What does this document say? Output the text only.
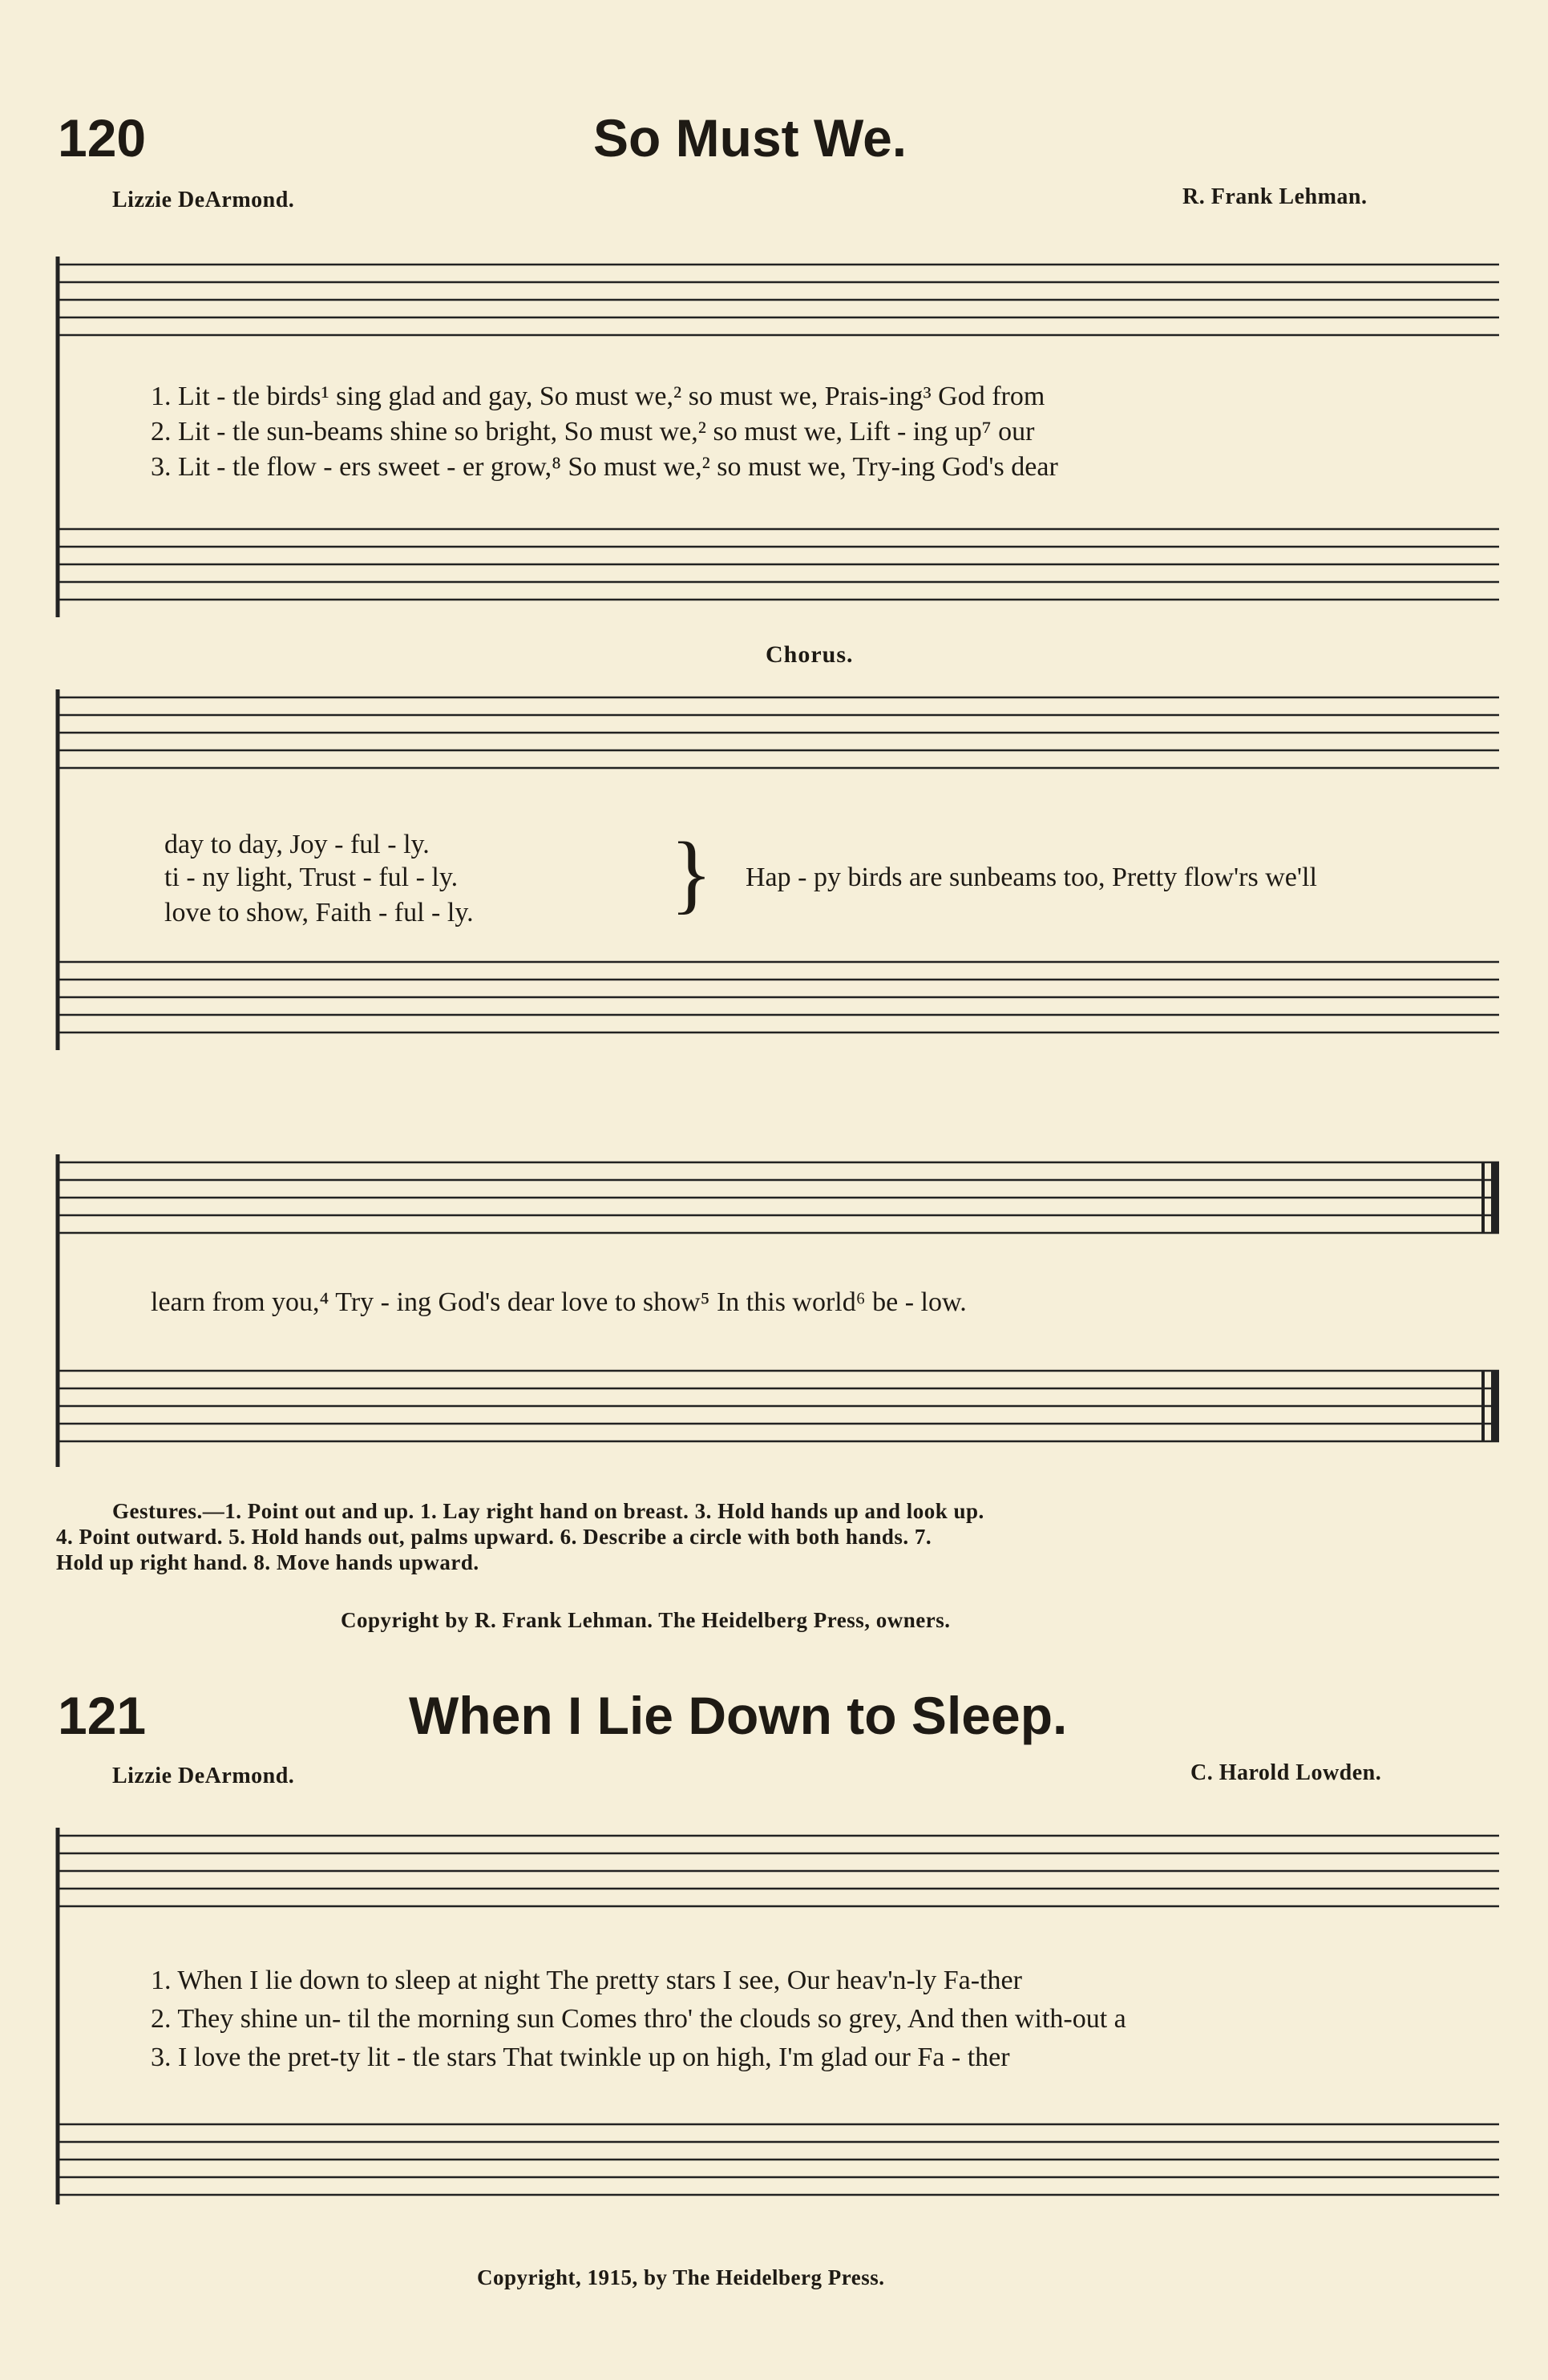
120	So Must We.
Lizzie DeArmond.	R. Frank Lehman.
1. Lit - tle birds¹ sing glad and gay, So must we,² so must we, Prais-ing³ God from
2. Lit - tle sun-beams shine so bright, So must we,² so must we, Lift - ing up⁷ our
3. Lit - tle flow - ers sweet - er grow,⁸ So must we,² so must we, Try-ing God's dear
Chorus.
day to day, Joy - ful - ly.
ti - ny light, Trust - ful - ly.
love to show, Faith - ful - ly. } Hap - py birds are sunbeams too, Pretty flow'rs we'll
learn from you,⁴ Try - ing God's dear love to show⁵ In this world⁶ be - low.
Gestures.—1. Point out and up. 1. Lay right hand on breast. 3. Hold hands up and look up.
4. Point outward. 5. Hold hands out, palms upward. 6. Describe a circle with both hands. 7.
Hold up right hand. 8. Move hands upward.
Copyright by R. Frank Lehman. The Heidelberg Press, owners.
121	When I Lie Down to Sleep.
Lizzie DeArmond.	C. Harold Lowden.
1. When I lie down to sleep at night The pretty stars I see, Our heav'n-ly Fa-ther
2. They shine un- til the morning sun Comes thro' the clouds so grey, And then with-out a
3. I love the pret-ty lit - tle stars That twinkle up on high, I'm glad our Fa - ther
Copyright, 1915, by The Heidelberg Press.
